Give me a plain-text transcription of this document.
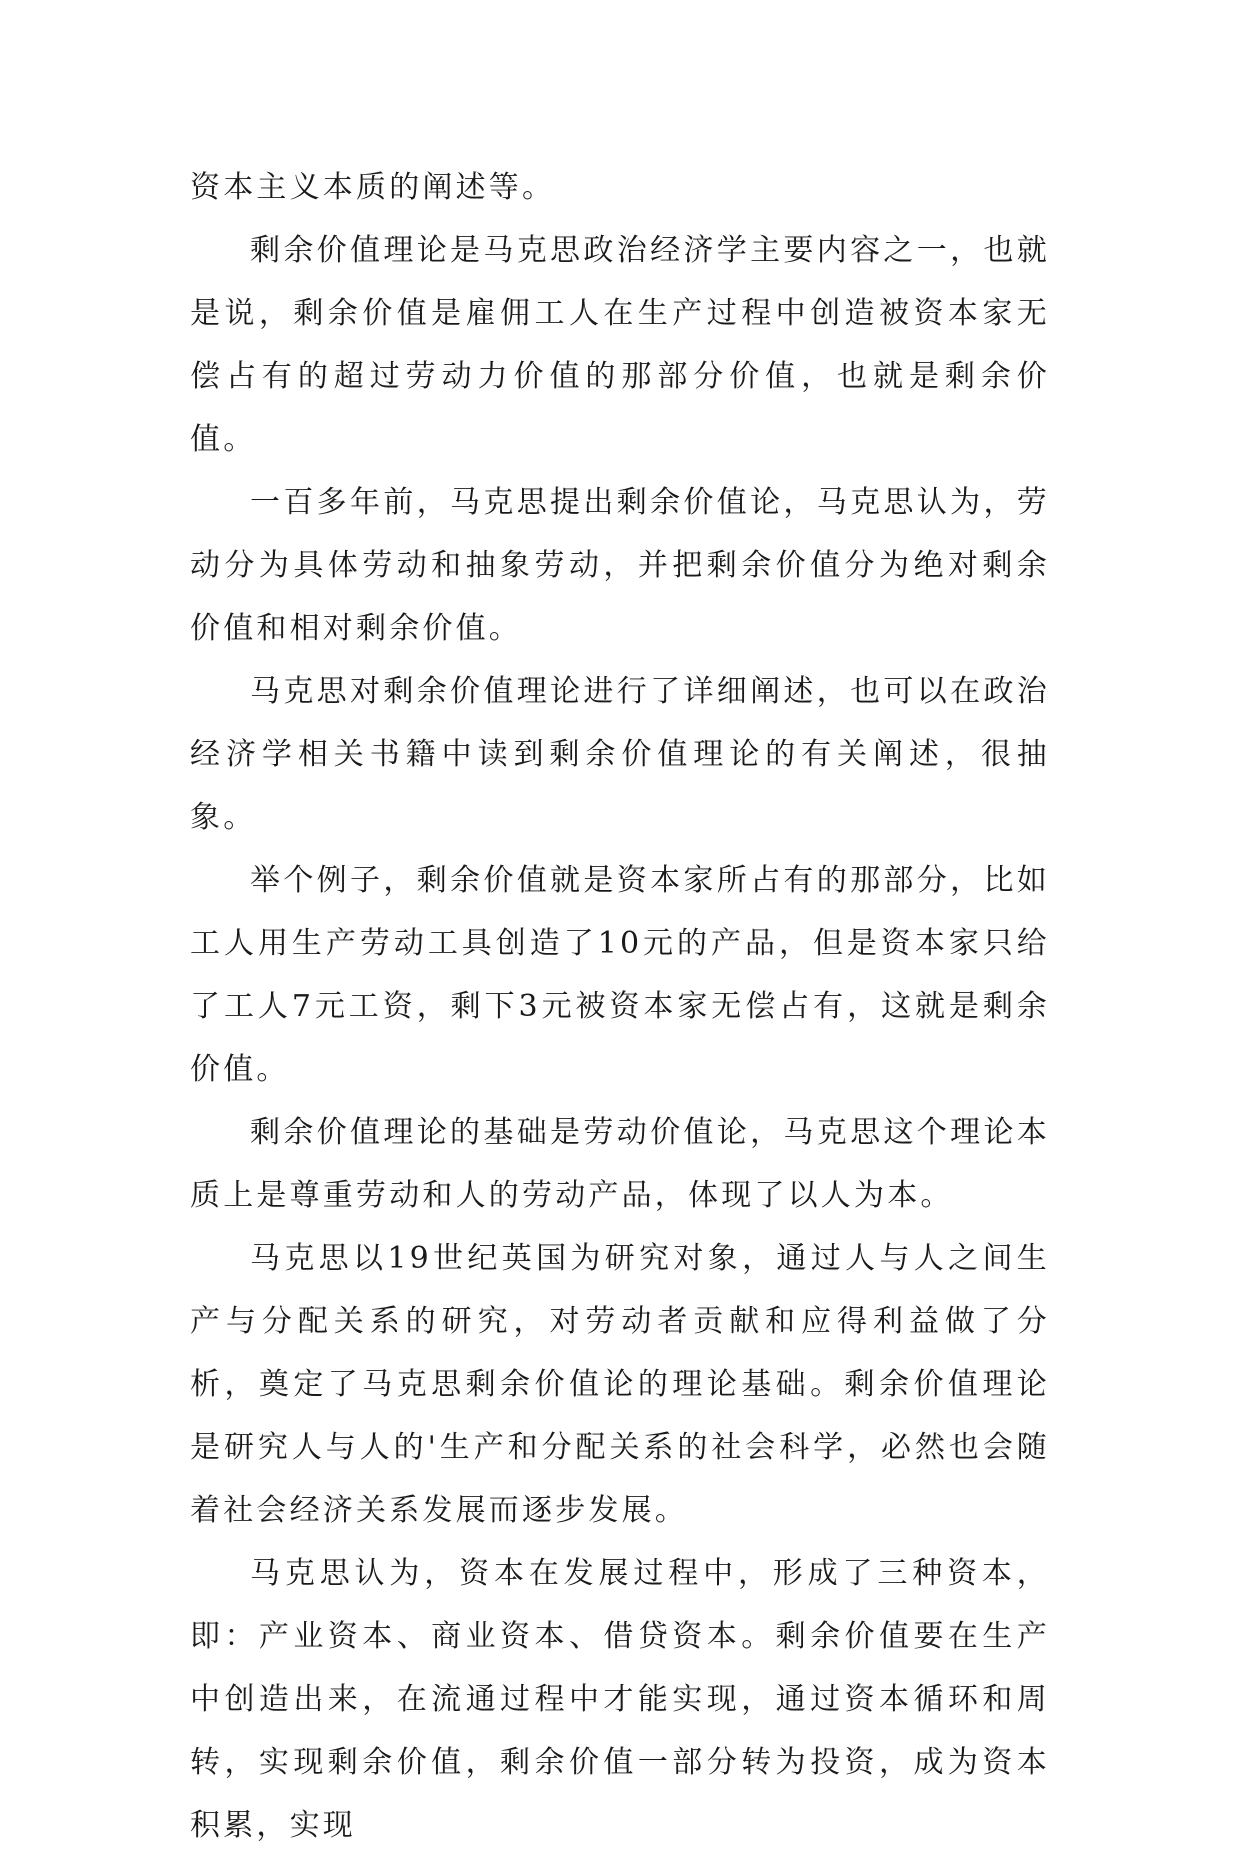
资本主义本质的阐述等。

剩余价值理论是马克思政治经济学主要内容之一，也就是说，剩余价值是雇佣工人在生产过程中创造被资本家无偿占有的超过劳动力价值的那部分价值，也就是剩余价值。

一百多年前，马克思提出剩余价值论，马克思认为，劳动分为具体劳动和抽象劳动，并把剩余价值分为绝对剩余价值和相对剩余价值。

马克思对剩余价值理论进行了详细阐述，也可以在政治经济学相关书籍中读到剩余价值理论的有关阐述，很抽象。

举个例子，剩余价值就是资本家所占有的那部分，比如工人用生产劳动工具创造了10元的产品，但是资本家只给了工人7元工资，剩下3元被资本家无偿占有，这就是剩余价值。

剩余价值理论的基础是劳动价值论，马克思这个理论本质上是尊重劳动和人的劳动产品，体现了以人为本。

马克思以19世纪英国为研究对象，通过人与人之间生产与分配关系的研究，对劳动者贡献和应得利益做了分析，奠定了马克思剩余价值论的理论基础。剩余价值理论是研究人与人的'生产和分配关系的社会科学，必然也会随着社会经济关系发展而逐步发展。

马克思认为，资本在发展过程中，形成了三种资本，即：产业资本、商业资本、借贷资本。剩余价值要在生产中创造出来，在流通过程中才能实现，通过资本循环和周转，实现剩余价值，剩余价值一部分转为投资，成为资本积累，实现
